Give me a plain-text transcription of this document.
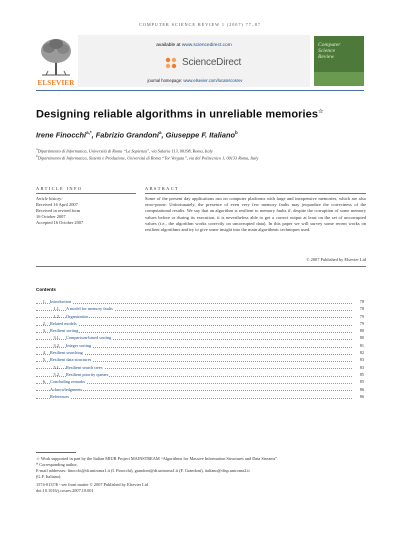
COMPUTER SCIENCE REVIEW 1 (2007) 77–87
ELSEVIER
available at www.sciencedirect.com
ScienceDirect
journal homepage: www.elsevier.com/locate/cosrev
Computer
Science
Review
Designing reliable algorithms in unreliable memories☆
Irene Finocchi$^{a,*}$, Fabrizio Grandoni$^a$, Giuseppe F. Italiano$^b$
$^a$Dipartimento di Informatica, Università di Roma “La Sapienza”, via Salaria 113, 00198, Roma, Italy
$^b$Dipartimento di Informatica, Sistemi e Produzione, Università di Roma “Tor Vergata”, via del Politecnico 1, 00133 Roma, Italy
ARTICLE INFO	ABSTRACT
Article history:
Received 16 April 2007
Received in revised form
16 October 2007
Accepted 16 October 2007
Some of the present day applications run on computer platforms with large and inexpensive memories, which are also error-prone. Unfortunately, the presence of even very few memory faults may jeopardize the correctness of the computational results. We say that an algorithm is resilient to memory faults if, despite the corruption of some memory values before or during its execution, it is nevertheless able to get a correct output at least on the set of uncorrupted values (i.e., the algorithm works correctly on uncorrupted data). In this paper we will survey some recent works on resilient algorithms and try to give some insight into the main algorithmic techniques used.
© 2007 Published by Elsevier Ltd
Contents
1. Introduction	78
1.1. A model for memory faults	78
1.2. Organization	79
2. Related models	79
3. Resilient sorting	80
3.1. Comparison-based sorting	80
3.2. Integer sorting	81
4. Resilient searching	82
5. Resilient data structures	83
5.1. Resilient search trees	83
5.2. Resilient priority queues	85
6. Concluding remarks	85
Acknowledgments	86
References	86
☆ Work supported in part by the Italian MIUR Project MAINSTREAM “Algorithms for Massive Information Structures and Data Streams”.
* Corresponding author.
E-mail addresses: finocchi@di.uniroma1.it (I. Finocchi), grandoni@di.uniroma1.it (F. Grandoni), italiano@disp.uniroma2.it
(G.F. Italiano).
1574-0137/$ - see front matter © 2007 Published by Elsevier Ltd
doi:10.1016/j.cosrev.2007.10.001
